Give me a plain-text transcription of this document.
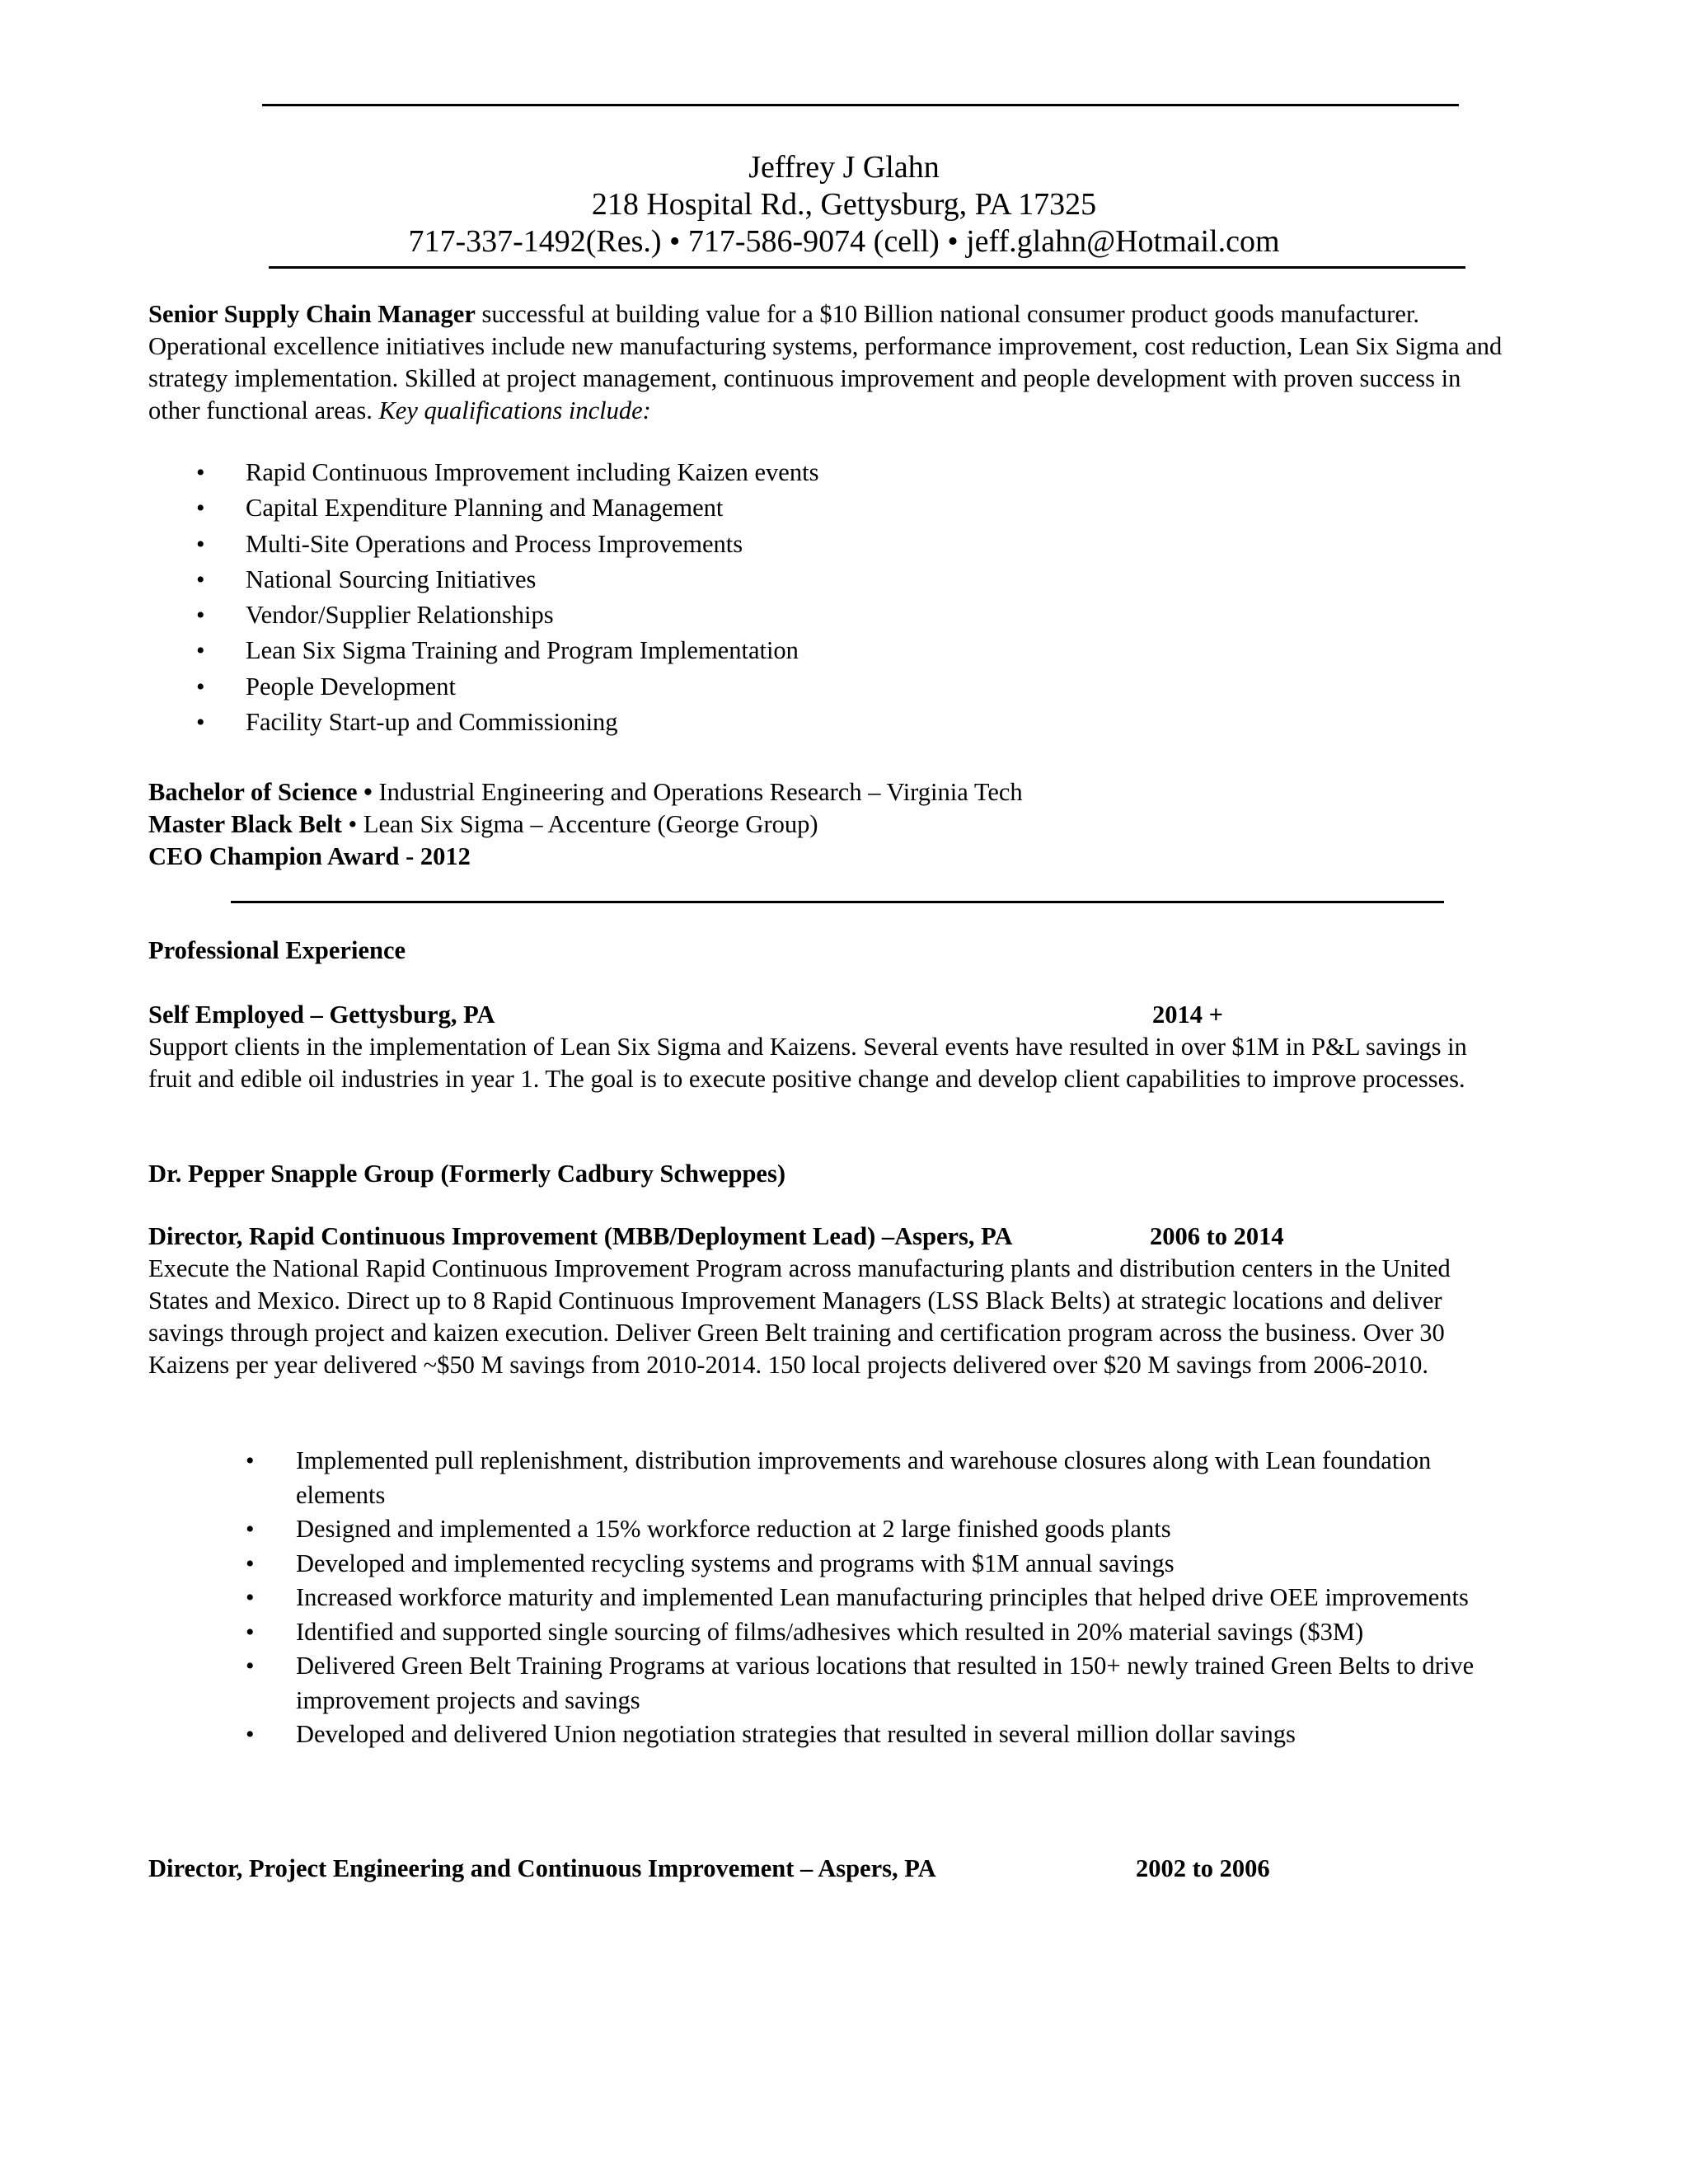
Jeffrey J Glahn
218 Hospital Rd., Gettysburg, PA 17325
717-337-1492(Res.) • 717-586-9074 (cell) • jeff.glahn@Hotmail.com
Senior Supply Chain Manager successful at building value for a $10 Billion national consumer product goods manufacturer. Operational excellence initiatives include new manufacturing systems, performance improvement, cost reduction, Lean Six Sigma and strategy implementation. Skilled at project management, continuous improvement and people development with proven success in other functional areas. Key qualifications include:
• Rapid Continuous Improvement including Kaizen events
• Capital Expenditure Planning and Management
• Multi-Site Operations and Process Improvements
• National Sourcing Initiatives
• Vendor/Supplier Relationships
• Lean Six Sigma Training and Program Implementation
• People Development
• Facility Start-up and Commissioning
Bachelor of Science • Industrial Engineering and Operations Research – Virginia Tech
Master Black Belt • Lean Six Sigma – Accenture (George Group)
CEO Champion Award - 2012
Professional Experience
Self Employed – Gettysburg, PA	2014 +
Support clients in the implementation of Lean Six Sigma and Kaizens. Several events have resulted in over $1M in P&L savings in fruit and edible oil industries in year 1. The goal is to execute positive change and develop client capabilities to improve processes.
Dr. Pepper Snapple Group (Formerly Cadbury Schweppes)
Director, Rapid Continuous Improvement (MBB/Deployment Lead) –Aspers, PA	2006 to 2014
Execute the National Rapid Continuous Improvement Program across manufacturing plants and distribution centers in the United States and Mexico. Direct up to 8 Rapid Continuous Improvement Managers (LSS Black Belts) at strategic locations and deliver savings through project and kaizen execution. Deliver Green Belt training and certification program across the business. Over 30 Kaizens per year delivered ~$50 M savings from 2010-2014. 150 local projects delivered over $20 M savings from 2006-2010.
• Implemented pull replenishment, distribution improvements and warehouse closures along with Lean foundation elements
• Designed and implemented a 15% workforce reduction at 2 large finished goods plants
• Developed and implemented recycling systems and programs with $1M annual savings
• Increased workforce maturity and implemented Lean manufacturing principles that helped drive OEE improvements
• Identified and supported single sourcing of films/adhesives which resulted in 20% material savings ($3M)
• Delivered Green Belt Training Programs at various locations that resulted in 150+ newly trained Green Belts to drive improvement projects and savings
• Developed and delivered Union negotiation strategies that resulted in several million dollar savings
Director, Project Engineering and Continuous Improvement – Aspers, PA	2002 to 2006
